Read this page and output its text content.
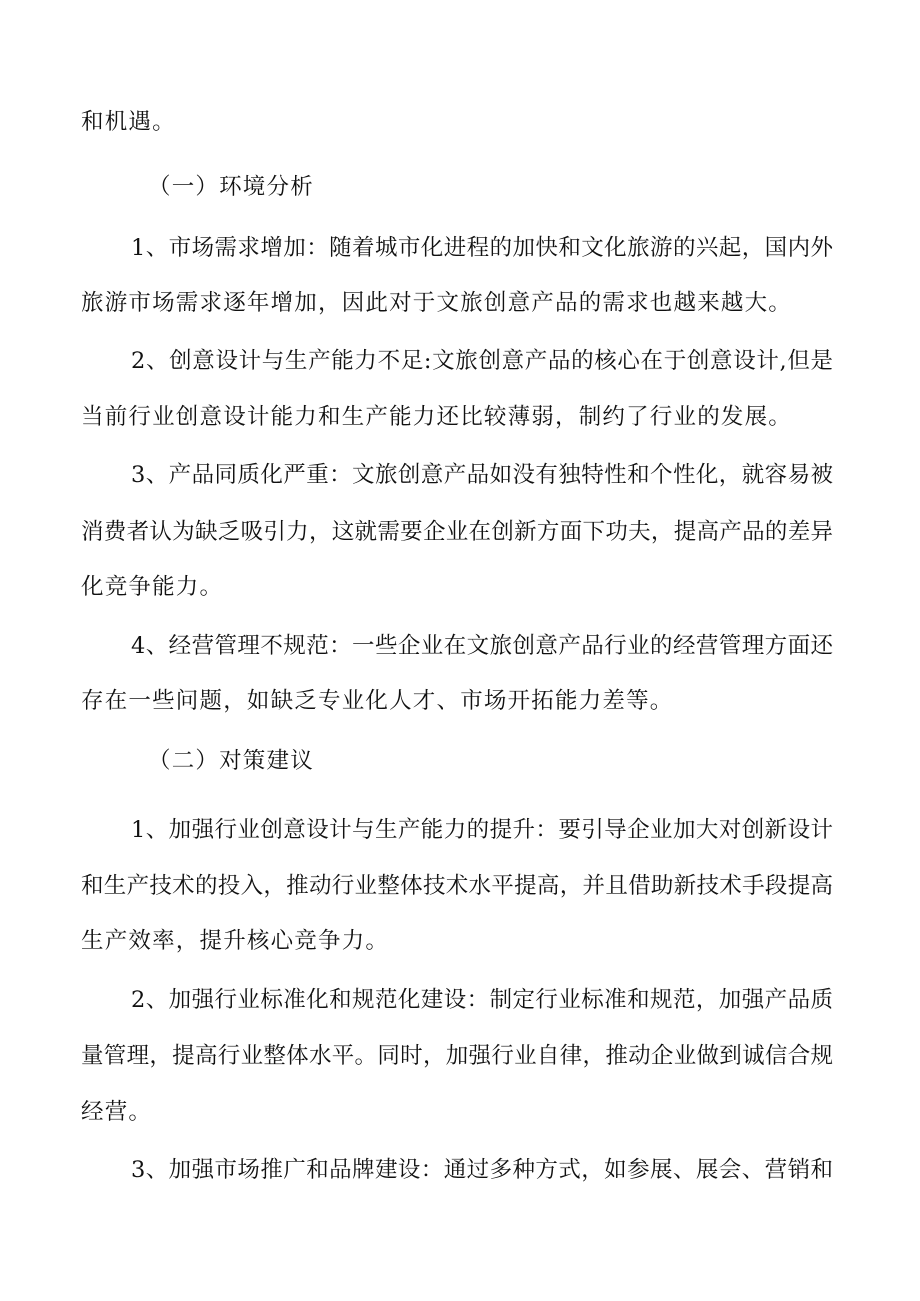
和机遇。
（一）环境分析
1、市场需求增加：随着城市化进程的加快和文化旅游的兴起，国内外
旅游市场需求逐年增加，因此对于文旅创意产品的需求也越来越大。
2、创意设计与生产能力不足:文旅创意产品的核心在于创意设计,但是
当前行业创意设计能力和生产能力还比较薄弱，制约了行业的发展。
3、产品同质化严重：文旅创意产品如没有独特性和个性化，就容易被
消费者认为缺乏吸引力，这就需要企业在创新方面下功夫，提高产品的差异
化竞争能力。
4、经营管理不规范：一些企业在文旅创意产品行业的经营管理方面还
存在一些问题，如缺乏专业化人才、市场开拓能力差等。
（二）对策建议
1、加强行业创意设计与生产能力的提升：要引导企业加大对创新设计
和生产技术的投入，推动行业整体技术水平提高，并且借助新技术手段提高
生产效率，提升核心竞争力。
2、加强行业标准化和规范化建设：制定行业标准和规范，加强产品质
量管理，提高行业整体水平。同时，加强行业自律，推动企业做到诚信合规
经营。
3、加强市场推广和品牌建设：通过多种方式，如参展、展会、营销和
